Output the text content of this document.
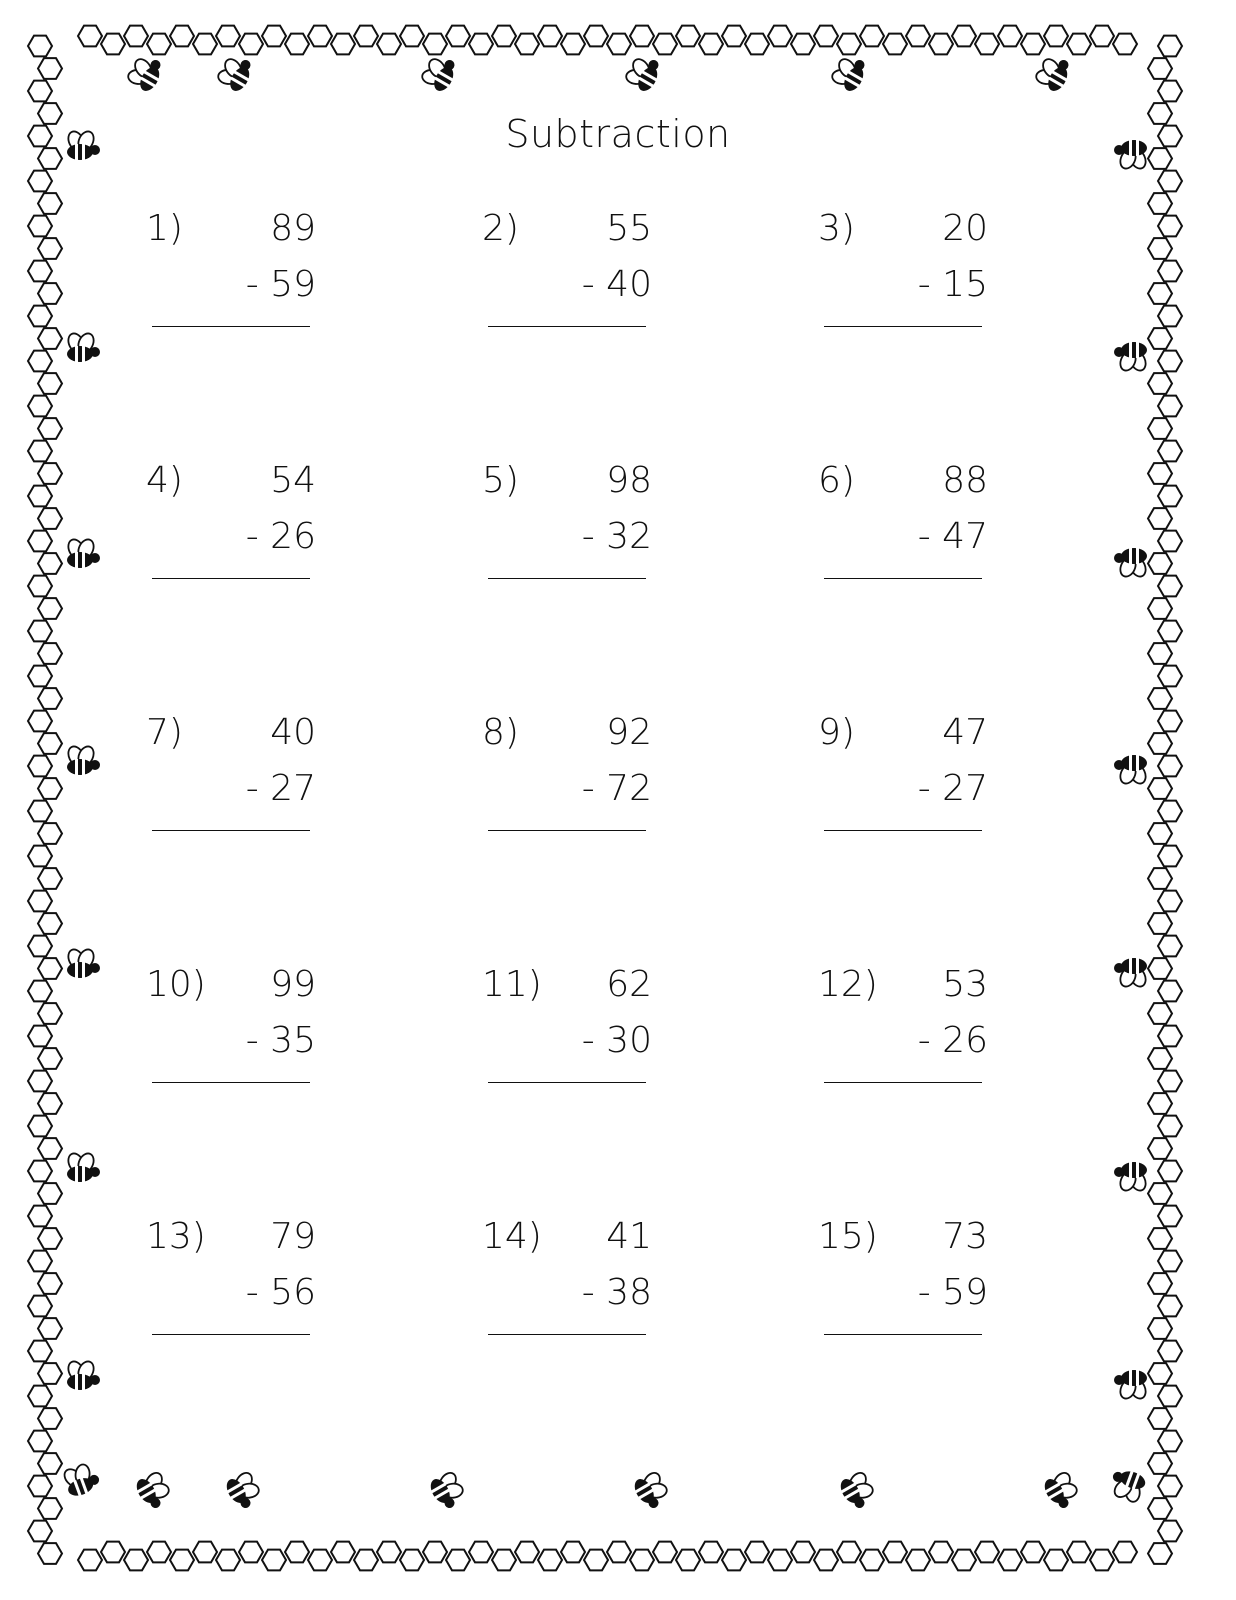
Subtraction
1) 89
- 59
2) 55
- 40
3) 20
- 15
4) 54
- 26
5) 98
- 32
6) 88
- 47
7) 40
- 27
8) 92
- 72
9) 47
- 27
10) 99
- 35
11) 62
- 30
12) 53
- 26
13) 79
- 56
14) 41
- 38
15) 73
- 59
